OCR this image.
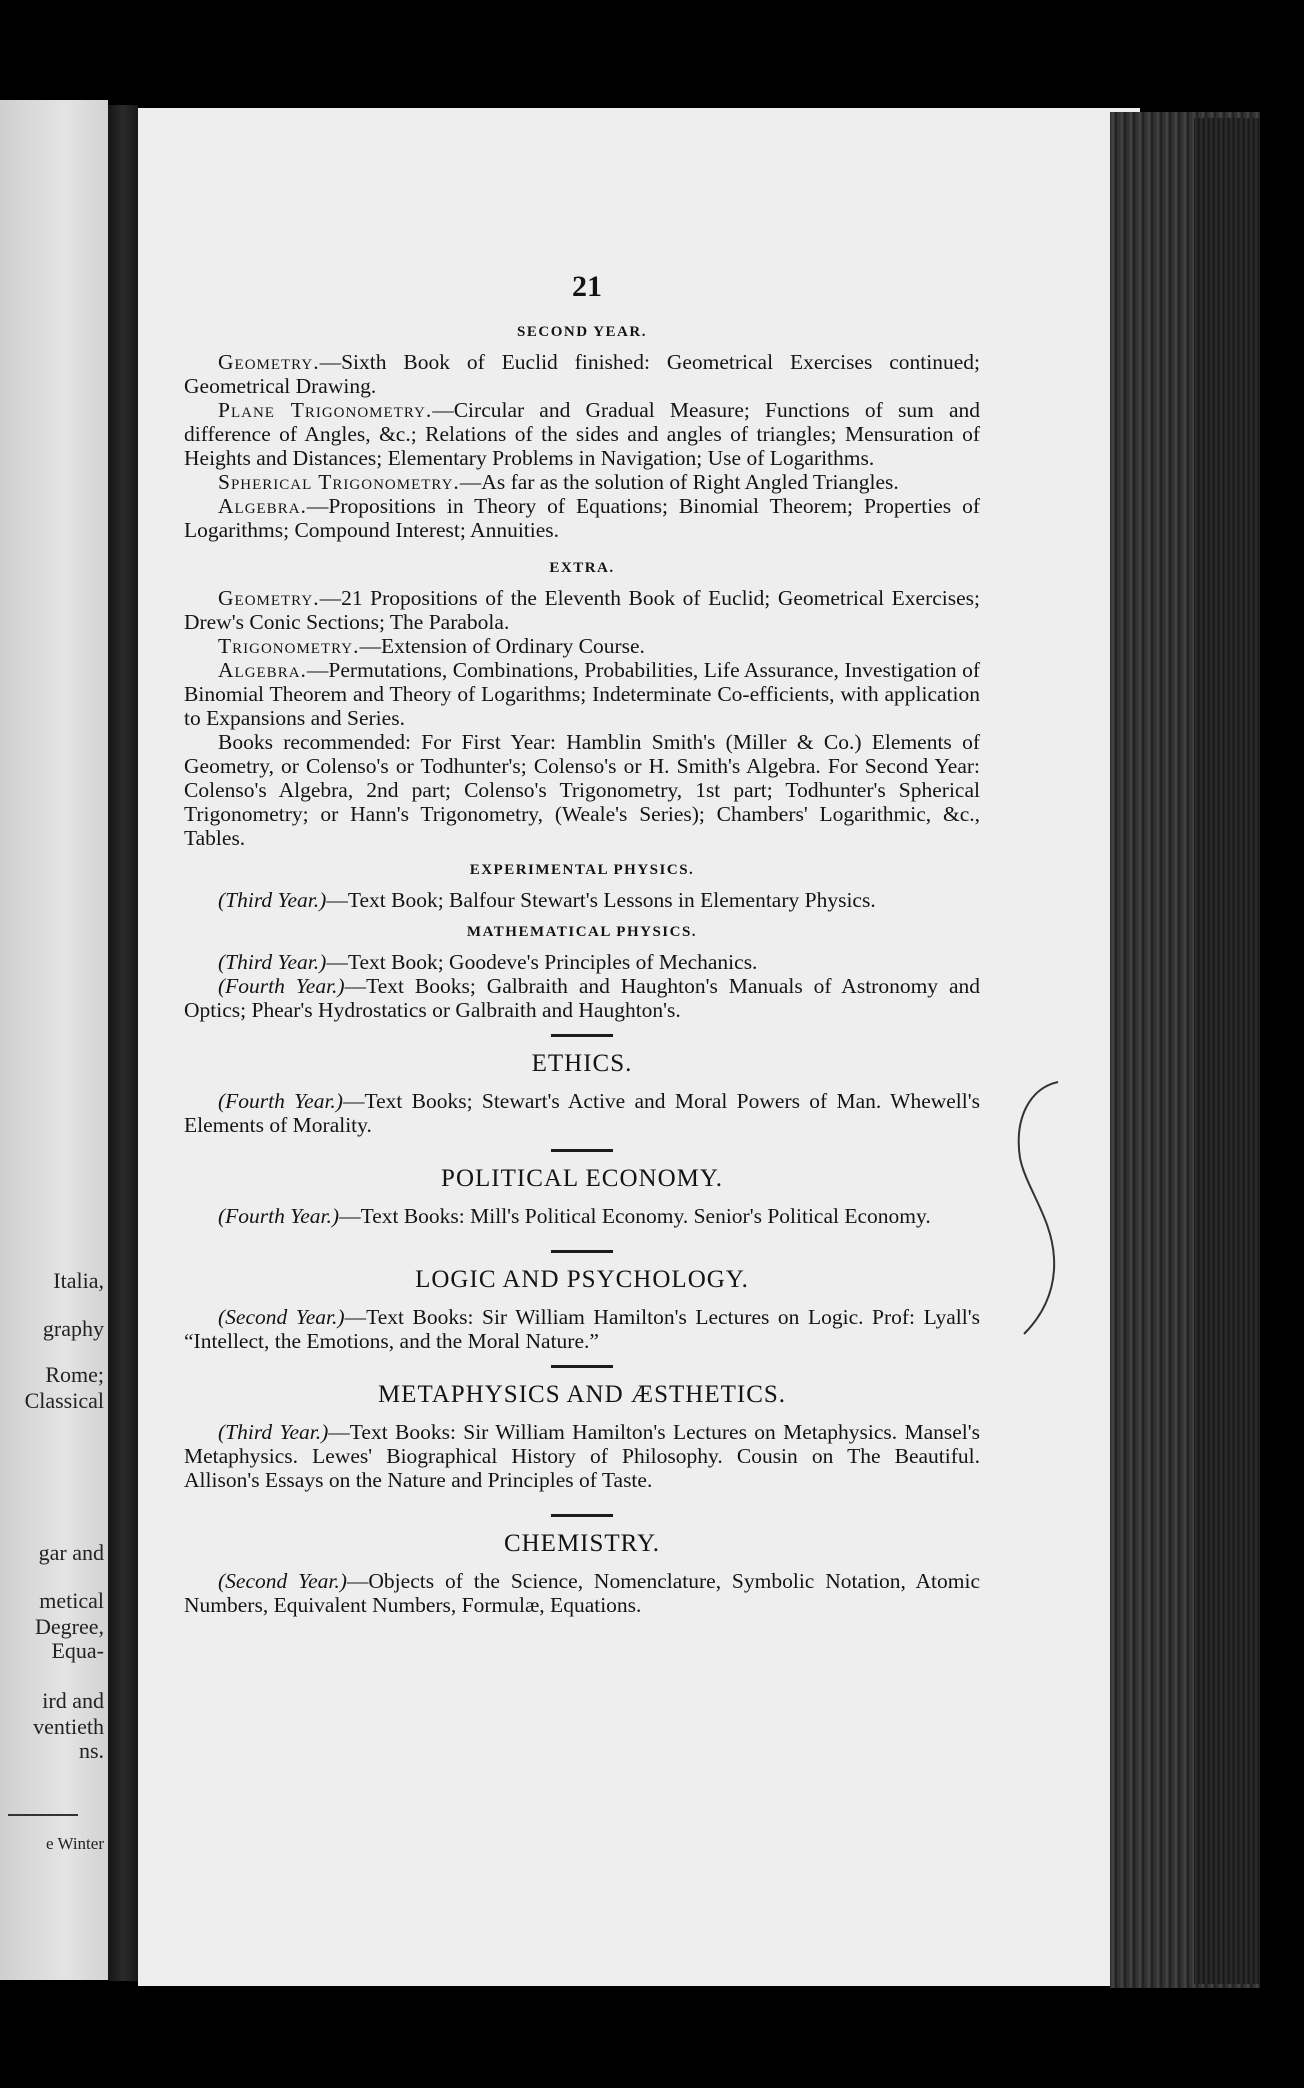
Italia,
graphy
Rome;
Classical
gar and
metical
Degree,
Equa-
ird and
ventieth
ns.
e Winter
21
SECOND YEAR.

Geometry.—Sixth Book of Euclid finished: Geometrical Exercises continued; Geometrical Drawing.

Plane Trigonometry.—Circular and Gradual Measure; Functions of sum and difference of Angles, &c.; Relations of the sides and angles of triangles; Mensuration of Heights and Distances; Elementary Problems in Navigation; Use of Logarithms.

Spherical Trigonometry.—As far as the solution of Right Angled Triangles.

Algebra.—Propositions in Theory of Equations; Binomial Theorem; Properties of Logarithms; Compound Interest; Annuities.

EXTRA.

Geometry.—21 Propositions of the Eleventh Book of Euclid; Geometrical Exercises; Drew's Conic Sections; The Parabola.

Trigonometry.—Extension of Ordinary Course.

Algebra.—Permutations, Combinations, Probabilities, Life Assurance, Investigation of Binomial Theorem and Theory of Logarithms; Indeterminate Co-efficients, with application to Expansions and Series.

Books recommended: For First Year: Hamblin Smith's (Miller & Co.) Elements of Geometry, or Colenso's or Todhunter's; Colenso's or H. Smith's Algebra. For Second Year: Colenso's Algebra, 2nd part; Colenso's Trigonometry, 1st part; Todhunter's Spherical Trigonometry; or Hann's Trigonometry, (Weale's Series); Chambers' Logarithmic, &c., Tables.

EXPERIMENTAL PHYSICS.

(Third Year.)—Text Book; Balfour Stewart's Lessons in Elementary Physics.

MATHEMATICAL PHYSICS.

(Third Year.)—Text Book; Goodeve's Principles of Mechanics.

(Fourth Year.)—Text Books; Galbraith and Haughton's Manuals of Astronomy and Optics; Phear's Hydrostatics or Galbraith and Haughton's.

ETHICS.

(Fourth Year.)—Text Books; Stewart's Active and Moral Powers of Man. Whewell's Elements of Morality.

POLITICAL ECONOMY.

(Fourth Year.)—Text Books: Mill's Political Economy. Senior's Political Economy.

LOGIC AND PSYCHOLOGY.

(Second Year.)—Text Books: Sir William Hamilton's Lectures on Logic. Prof: Lyall's “Intellect, the Emotions, and the Moral Nature.”

METAPHYSICS AND ÆSTHETICS.

(Third Year.)—Text Books: Sir William Hamilton's Lectures on Metaphysics. Mansel's Metaphysics. Lewes' Biographical History of Philosophy. Cousin on The Beautiful. Allison's Essays on the Nature and Principles of Taste.

CHEMISTRY.

(Second Year.)—Objects of the Science, Nomenclature, Symbolic Notation, Atomic Numbers, Equivalent Numbers, Formulæ, Equations.
